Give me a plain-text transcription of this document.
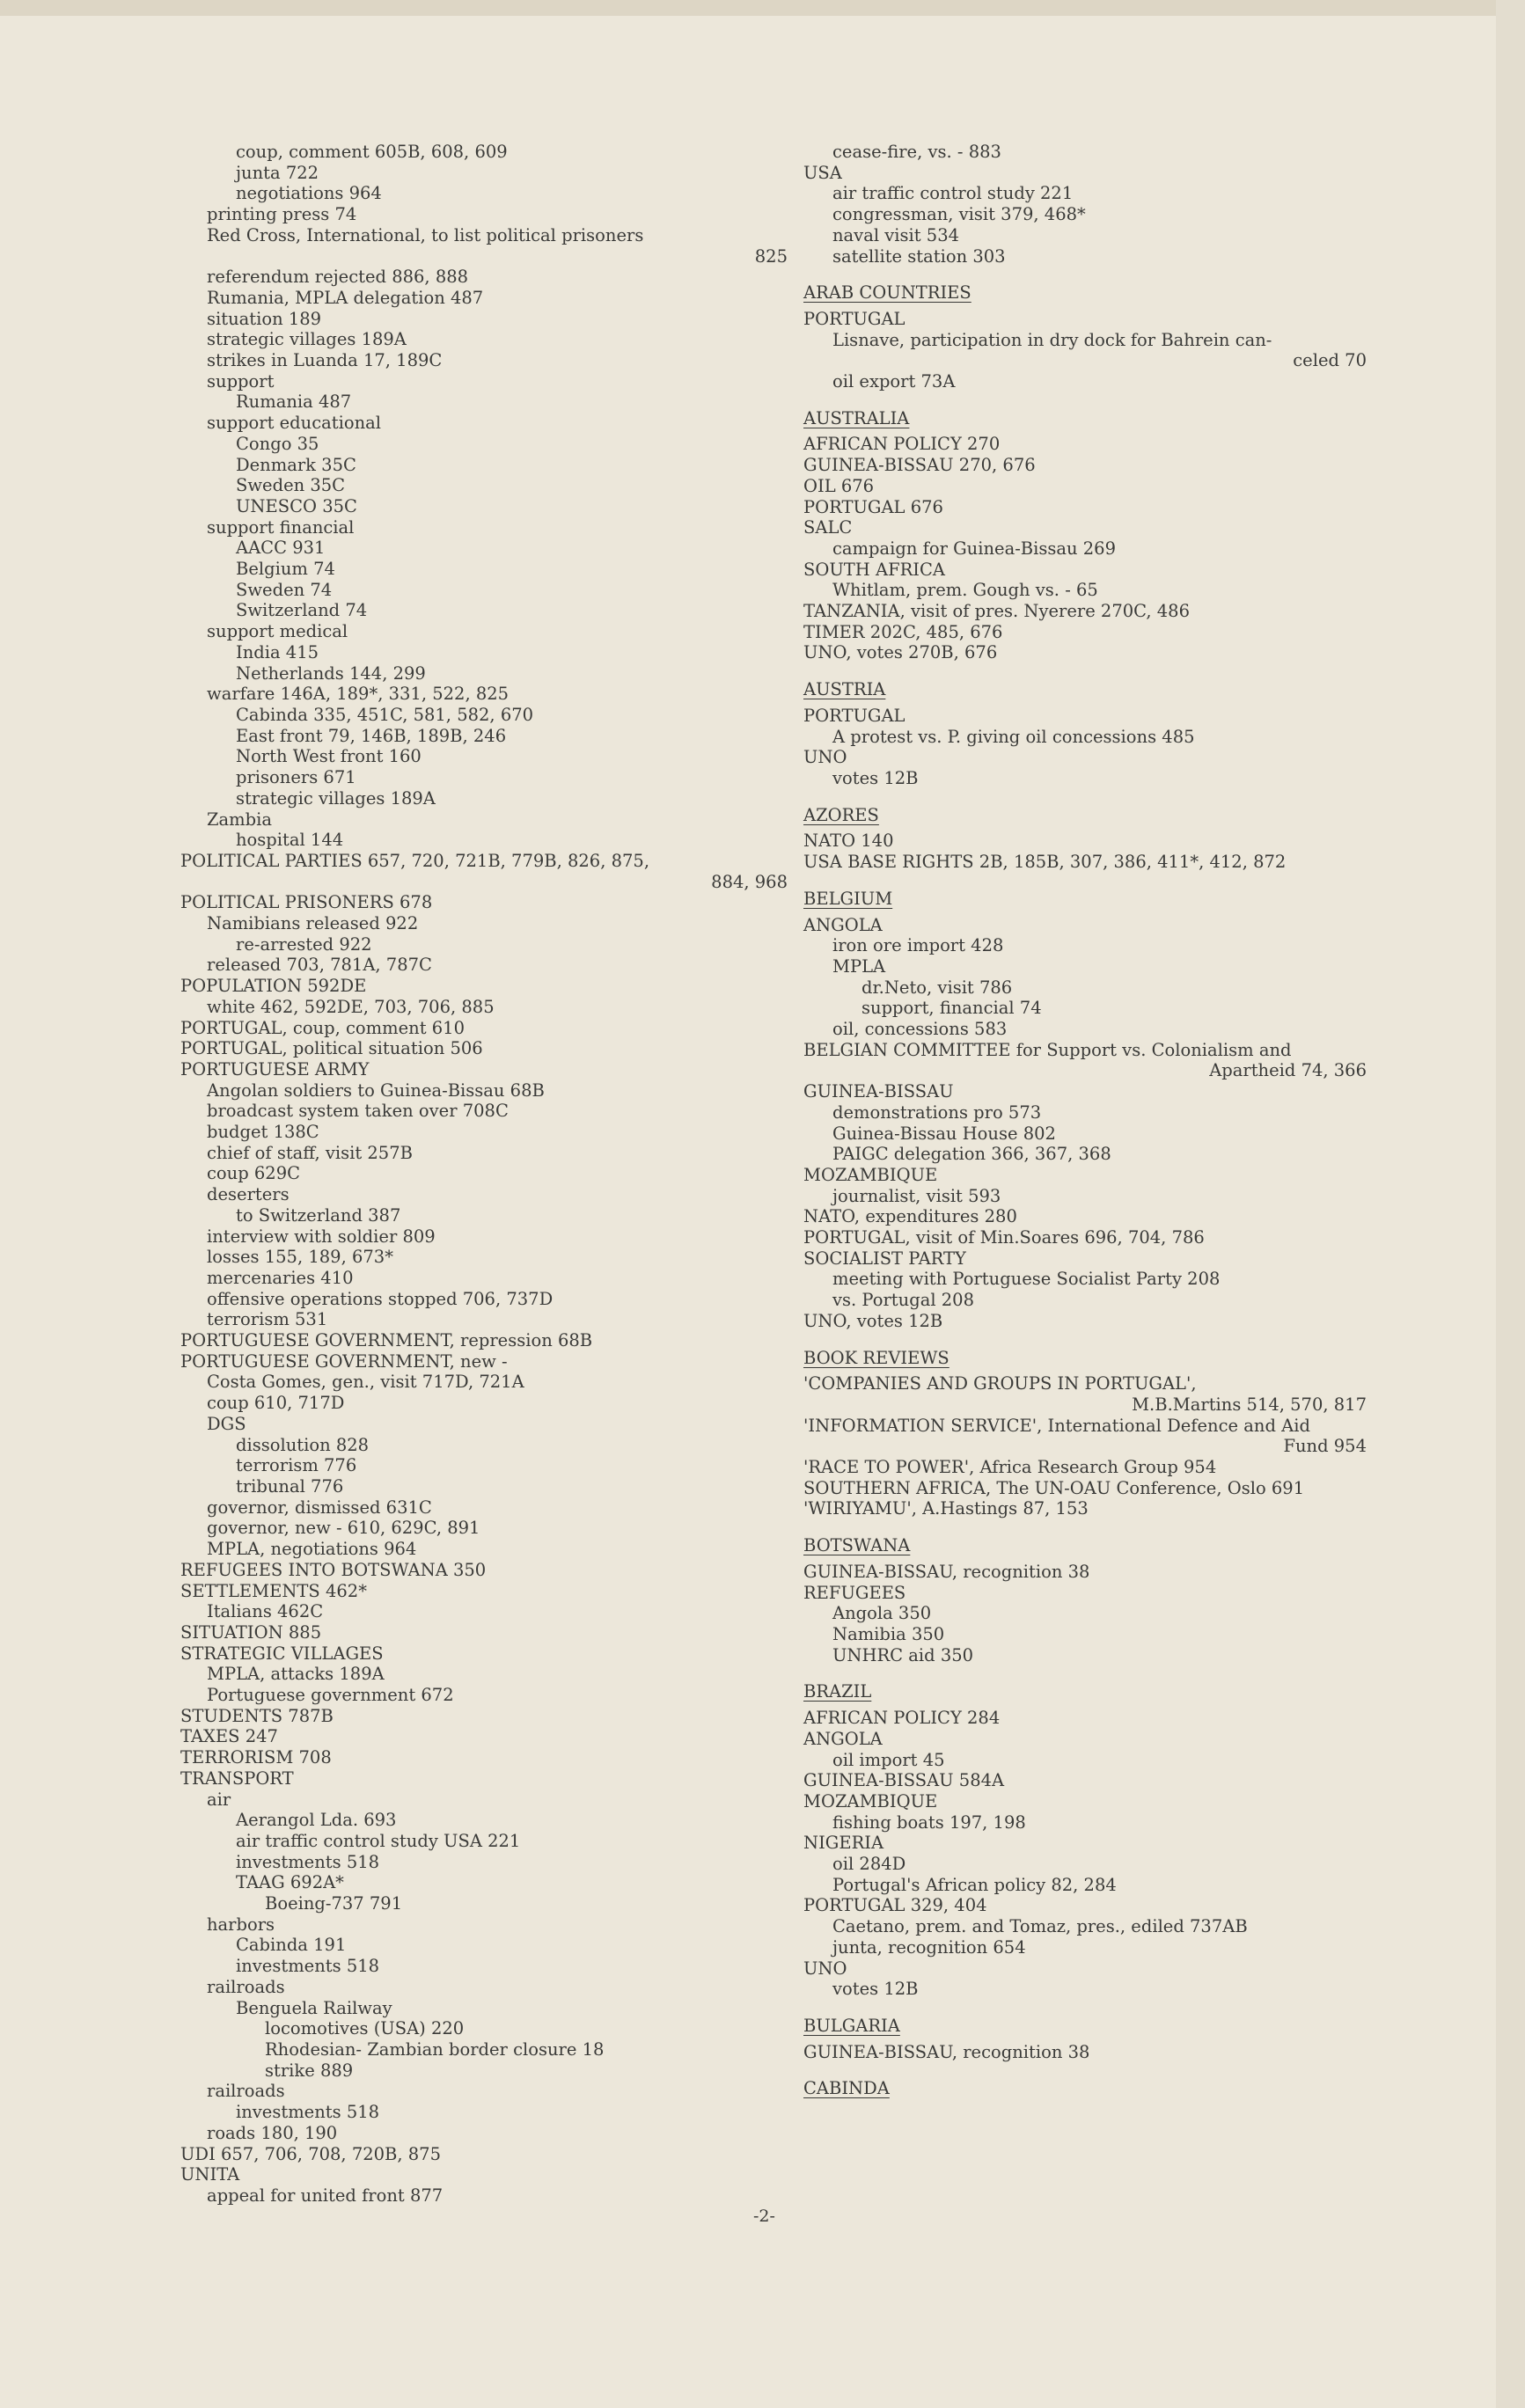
coup, comment 605B, 608, 609
junta 722
negotiations 964
printing press 74
Red Cross, International, to list political prisoners
825
referendum rejected 886, 888
Rumania, MPLA delegation 487
situation 189
strategic villages 189A
strikes in Luanda 17, 189C
support
Rumania 487
support educational
Congo 35
Denmark 35C
Sweden 35C
UNESCO 35C
support financial
AACC 931
Belgium 74
Sweden 74
Switzerland 74
support medical
India 415
Netherlands 144, 299
warfare 146A, 189*, 331, 522, 825
Cabinda 335, 451C, 581, 582, 670
East front 79, 146B, 189B, 246
North West front 160
prisoners 671
strategic villages 189A
Zambia
hospital 144
POLITICAL PARTIES 657, 720, 721B, 779B, 826, 875,
884, 968
POLITICAL PRISONERS 678
Namibians released 922
re-arrested 922
released 703, 781A, 787C
POPULATION 592DE
white 462, 592DE, 703, 706, 885
PORTUGAL, coup, comment 610
PORTUGAL, political situation 506
PORTUGUESE ARMY
Angolan soldiers to Guinea-Bissau 68B
broadcast system taken over 708C
budget 138C
chief of staff, visit 257B
coup 629C
deserters
to Switzerland 387
interview with soldier 809
losses 155, 189, 673*
mercenaries 410
offensive operations stopped 706, 737D
terrorism 531
PORTUGUESE GOVERNMENT, repression 68B
PORTUGUESE GOVERNMENT, new -
Costa Gomes, gen., visit 717D, 721A
coup 610, 717D
DGS
dissolution 828
terrorism 776
tribunal 776
governor, dismissed 631C
governor, new - 610, 629C, 891
MPLA, negotiations 964
REFUGEES INTO BOTSWANA 350
SETTLEMENTS 462*
Italians 462C
SITUATION 885
STRATEGIC VILLAGES
MPLA, attacks 189A
Portuguese government 672
STUDENTS 787B
TAXES 247
TERRORISM 708
TRANSPORT
air
Aerangol Lda. 693
air traffic control study USA 221
investments 518
TAAG 692A*
Boeing-737 791
harbors
Cabinda 191
investments 518
railroads
Benguela Railway
locomotives (USA) 220
Rhodesian- Zambian border closure 18
strike 889
railroads
investments 518
roads 180, 190
UDI 657, 706, 708, 720B, 875
UNITA
appeal for united front 877
cease-fire, vs. - 883
USA
air traffic control study 221
congressman, visit 379, 468*
naval visit 534
satellite station 303
ARAB COUNTRIES
PORTUGAL
Lisnave, participation in dry dock for Bahrein can-
celed 70
oil export 73A
AUSTRALIA
AFRICAN POLICY 270
GUINEA-BISSAU 270, 676
OIL 676
PORTUGAL 676
SALC
campaign for Guinea-Bissau 269
SOUTH AFRICA
Whitlam, prem. Gough vs. - 65
TANZANIA, visit of pres. Nyerere 270C, 486
TIMER 202C, 485, 676
UNO, votes 270B, 676
AUSTRIA
PORTUGAL
A protest vs. P. giving oil concessions 485
UNO
votes 12B
AZORES
NATO 140
USA BASE RIGHTS 2B, 185B, 307, 386, 411*, 412, 872
BELGIUM
ANGOLA
iron ore import 428
MPLA
dr.Neto, visit 786
support, financial 74
oil, concessions 583
BELGIAN COMMITTEE for Support vs. Colonialism and
Apartheid 74, 366
GUINEA-BISSAU
demonstrations pro 573
Guinea-Bissau House 802
PAIGC delegation 366, 367, 368
MOZAMBIQUE
journalist, visit 593
NATO, expenditures 280
PORTUGAL, visit of Min.Soares 696, 704, 786
SOCIALIST PARTY
meeting with Portuguese Socialist Party 208
vs. Portugal 208
UNO, votes 12B
BOOK REVIEWS
'COMPANIES AND GROUPS IN PORTUGAL',
M.B.Martins 514, 570, 817
'INFORMATION SERVICE', International Defence and Aid
Fund 954
'RACE TO POWER', Africa Research Group 954
SOUTHERN AFRICA, The UN-OAU Conference, Oslo 691
'WIRIYAMU', A.Hastings 87, 153
BOTSWANA
GUINEA-BISSAU, recognition 38
REFUGEES
Angola 350
Namibia 350
UNHRC aid 350
BRAZIL
AFRICAN POLICY 284
ANGOLA
oil import 45
GUINEA-BISSAU 584A
MOZAMBIQUE
fishing boats 197, 198
NIGERIA
oil 284D
Portugal's African policy 82, 284
PORTUGAL 329, 404
Caetano, prem. and Tomaz, pres., ediled 737AB
junta, recognition 654
UNO
votes 12B
BULGARIA
GUINEA-BISSAU, recognition 38
CABINDA
-2-
